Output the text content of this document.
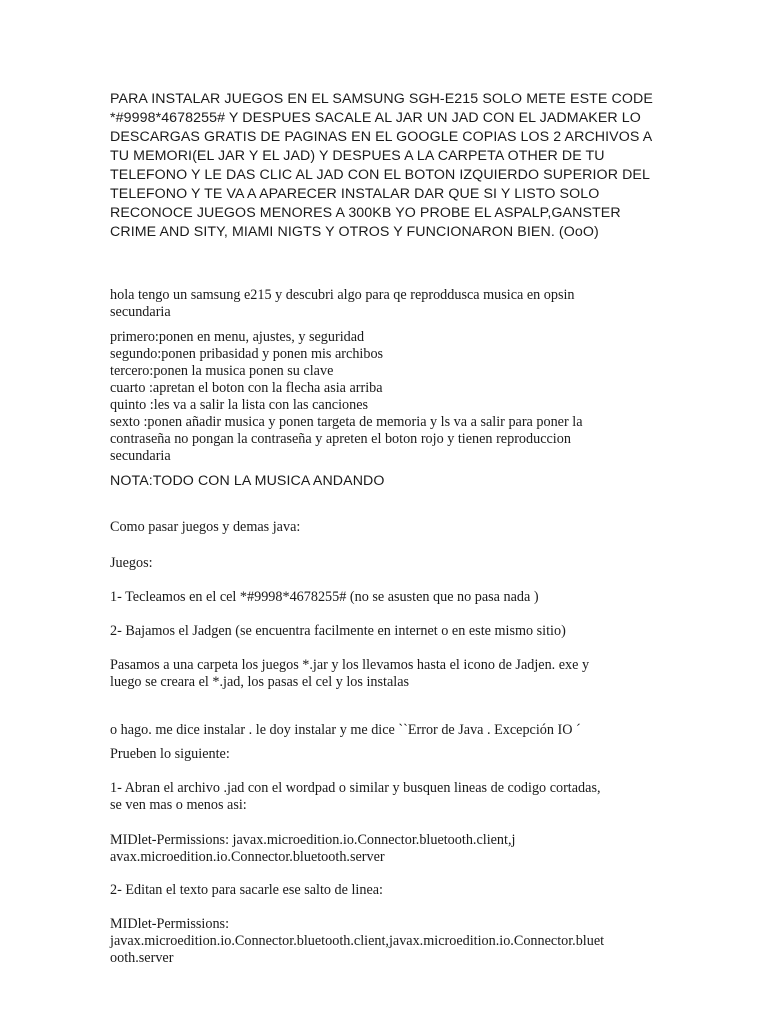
PARA INSTALAR JUEGOS EN EL SAMSUNG SGH-E215 SOLO METE ESTE CODE
*#9998*4678255# Y DESPUES SACALE AL JAR UN JAD CON EL JADMAKER LO
DESCARGAS GRATIS DE PAGINAS EN EL GOOGLE COPIAS LOS 2 ARCHIVOS A
TU MEMORI(EL JAR Y EL JAD) Y DESPUES A LA CARPETA OTHER DE TU
TELEFONO Y LE DAS CLIC AL JAD CON EL BOTON IZQUIERDO SUPERIOR DEL
TELEFONO Y TE VA A APARECER INSTALAR DAR QUE SI Y LISTO SOLO
RECONOCE JUEGOS MENORES A 300KB YO PROBE EL ASPALP,GANSTER
CRIME AND SITY, MIAMI NIGTS Y OTROS Y FUNCIONARON BIEN. (OoO)
hola tengo un samsung e215 y descubri algo para qe reproddusca musica en opsin
secundaria
primero:ponen en menu, ajustes, y seguridad
segundo:ponen pribasidad y ponen mis archibos
tercero:ponen la musica ponen su clave
cuarto :apretan el boton con la flecha asia arriba
quinto :les va a salir la lista con las canciones
sexto :ponen añadir musica y ponen targeta de memoria y ls va a salir para poner la
contraseña no pongan la contraseña y apreten el boton rojo y tienen reproduccion
secundaria
NOTA:TODO CON LA MUSICA ANDANDO
Como pasar juegos y demas java:
Juegos:
1- Tecleamos en el cel *#9998*4678255# (no se asusten que no pasa nada )
2- Bajamos el Jadgen (se encuentra facilmente en internet o en este mismo sitio)
Pasamos a una carpeta los juegos *.jar y los llevamos hasta el icono de Jadjen. exe y
luego se creara el *.jad, los pasas el cel y los instalas
o hago. me dice instalar . le doy instalar y me dice ``Error de Java . Excepción IO ´
Prueben lo siguiente:
1- Abran el archivo .jad con el wordpad o similar y busquen lineas de codigo cortadas,
se ven mas o menos asi:
MIDlet-Permissions: javax.microedition.io.Connector.bluetooth.client,j
avax.microedition.io.Connector.bluetooth.server
2- Editan el texto para sacarle ese salto de linea:
MIDlet-Permissions:
javax.microedition.io.Connector.bluetooth.client,javax.microedition.io.Connector.bluet
ooth.server
